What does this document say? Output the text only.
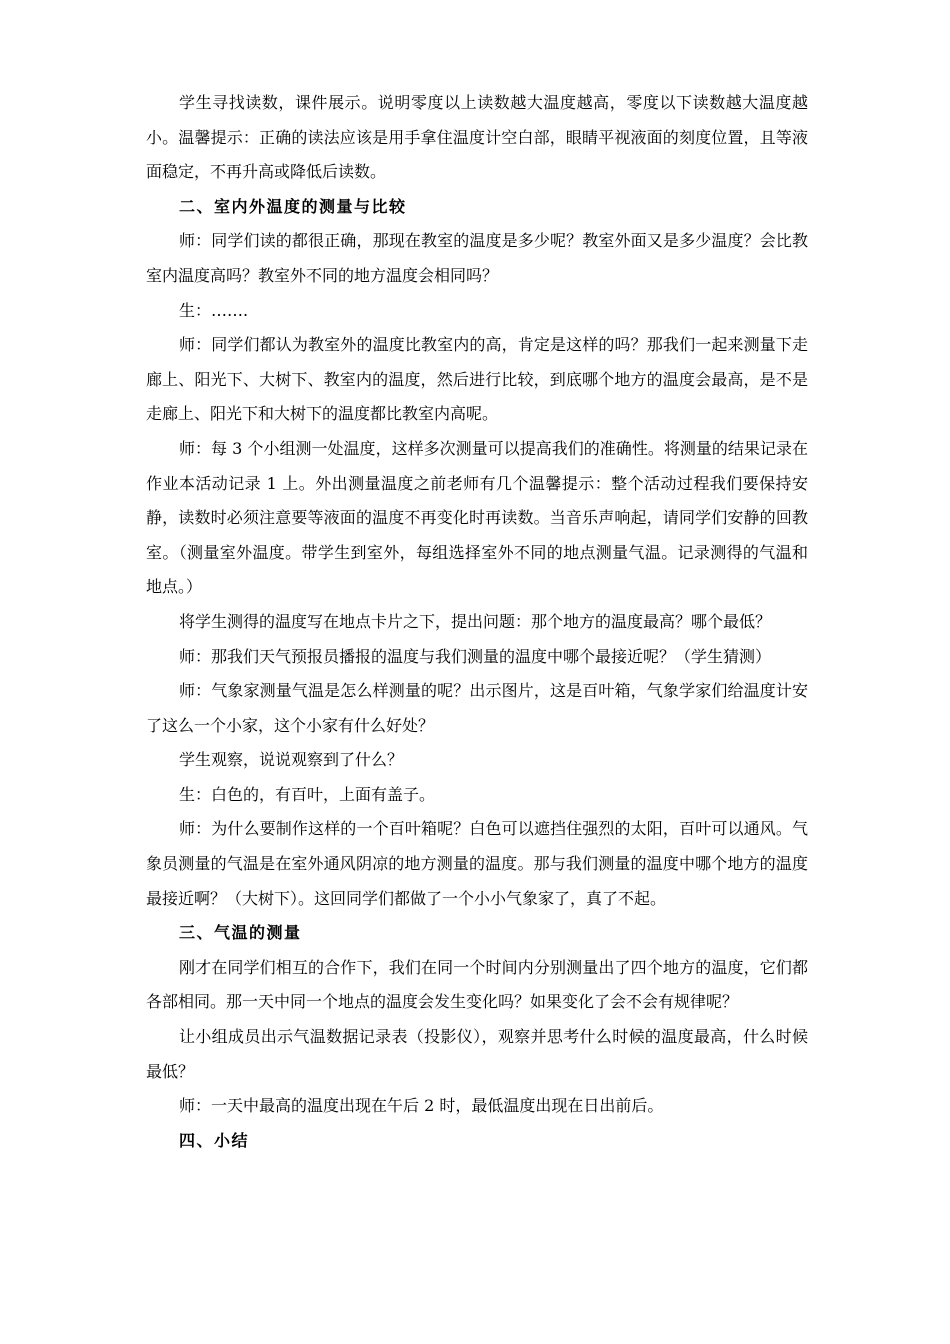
学生寻找读数，课件展示。说明零度以上读数越大温度越高，零度以下读数越大温度越小。温馨提示：正确的读法应该是用手拿住温度计空白部，眼睛平视液面的刻度位置，且等液面稳定，不再升高或降低后读数。

二、室内外温度的测量与比较

师：同学们读的都很正确，那现在教室的温度是多少呢？教室外面又是多少温度？会比教室内温度高吗？教室外不同的地方温度会相同吗？

生：…….

师：同学们都认为教室外的温度比教室内的高，肯定是这样的吗？那我们一起来测量下走廊上、阳光下、大树下、教室内的温度，然后进行比较，到底哪个地方的温度会最高，是不是走廊上、阳光下和大树下的温度都比教室内高呢。

师：每 3 个小组测一处温度，这样多次测量可以提高我们的准确性。将测量的结果记录在作业本活动记录 1 上。外出测量温度之前老师有几个温馨提示：整个活动过程我们要保持安静，读数时必须注意要等液面的温度不再变化时再读数。当音乐声响起，请同学们安静的回教室。（测量室外温度。带学生到室外，每组选择室外不同的地点测量气温。记录测得的气温和地点。）

将学生测得的温度写在地点卡片之下，提出问题：那个地方的温度最高？哪个最低？

师：那我们天气预报员播报的温度与我们测量的温度中哪个最接近呢？（学生猜测）

师：气象家测量气温是怎么样测量的呢？出示图片，这是百叶箱，气象学家们给温度计安了这么一个小家，这个小家有什么好处？

学生观察，说说观察到了什么？

生：白色的，有百叶，上面有盖子。

师：为什么要制作这样的一个百叶箱呢？白色可以遮挡住强烈的太阳，百叶可以通风。气象员测量的气温是在室外通风阴凉的地方测量的温度。那与我们测量的温度中哪个地方的温度最接近啊？（大树下）。这回同学们都做了一个小小气象家了，真了不起。

三、气温的测量

刚才在同学们相互的合作下，我们在同一个时间内分别测量出了四个地方的温度，它们都各部相同。那一天中同一个地点的温度会发生变化吗？如果变化了会不会有规律呢？

让小组成员出示气温数据记录表（投影仪），观察并思考什么时候的温度最高，什么时候最低？

师：一天中最高的温度出现在午后 2 时，最低温度出现在日出前后。

四、小结
